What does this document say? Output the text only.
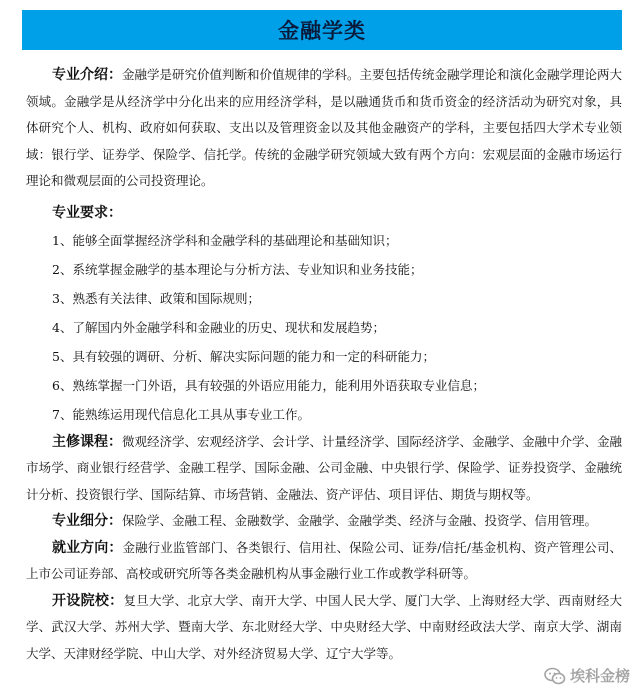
金融学类

专业介绍：金融学是研究价值判断和价值规律的学科。主要包括传统金融学理论和演化金融学理论两大领域。金融学是从经济学中分化出来的应用经济学科，是以融通货币和货币资金的经济活动为研究对象，具体研究个人、机构、政府如何获取、支出以及管理资金以及其他金融资产的学科，主要包括四大学术专业领域：银行学、证券学、保险学、信托学。传统的金融学研究领域大致有两个方向：宏观层面的金融市场运行理论和微观层面的公司投资理论。

专业要求：
1、能够全面掌握经济学科和金融学科的基础理论和基础知识；
2、系统掌握金融学的基本理论与分析方法、专业知识和业务技能；
3、熟悉有关法律、政策和国际规则；
4、了解国内外金融学科和金融业的历史、现状和发展趋势；
5、具有较强的调研、分析、解决实际问题的能力和一定的科研能力；
6、熟练掌握一门外语，具有较强的外语应用能力，能利用外语获取专业信息；
7、能熟练运用现代信息化工具从事专业工作。

主修课程：微观经济学、宏观经济学、会计学、计量经济学、国际经济学、金融学、金融中介学、金融市场学、商业银行经营学、金融工程学、国际金融、公司金融、中央银行学、保险学、证券投资学、金融统计分析、投资银行学、国际结算、市场营销、金融法、资产评估、项目评估、期货与期权等。

专业细分：保险学、金融工程、金融数学、金融学、金融学类、经济与金融、投资学、信用管理。

就业方向：金融行业监管部门、各类银行、信用社、保险公司、证券/信托/基金机构、资产管理公司、上市公司证券部、高校或研究所等各类金融机构从事金融行业工作或教学科研等。

开设院校：复旦大学、北京大学、南开大学、中国人民大学、厦门大学、上海财经大学、西南财经大学、武汉大学、苏州大学、暨南大学、东北财经大学、中央财经大学、中南财经政法大学、南京大学、湖南大学、天津财经学院、中山大学、对外经济贸易大学、辽宁大学等。

埃科金榜
